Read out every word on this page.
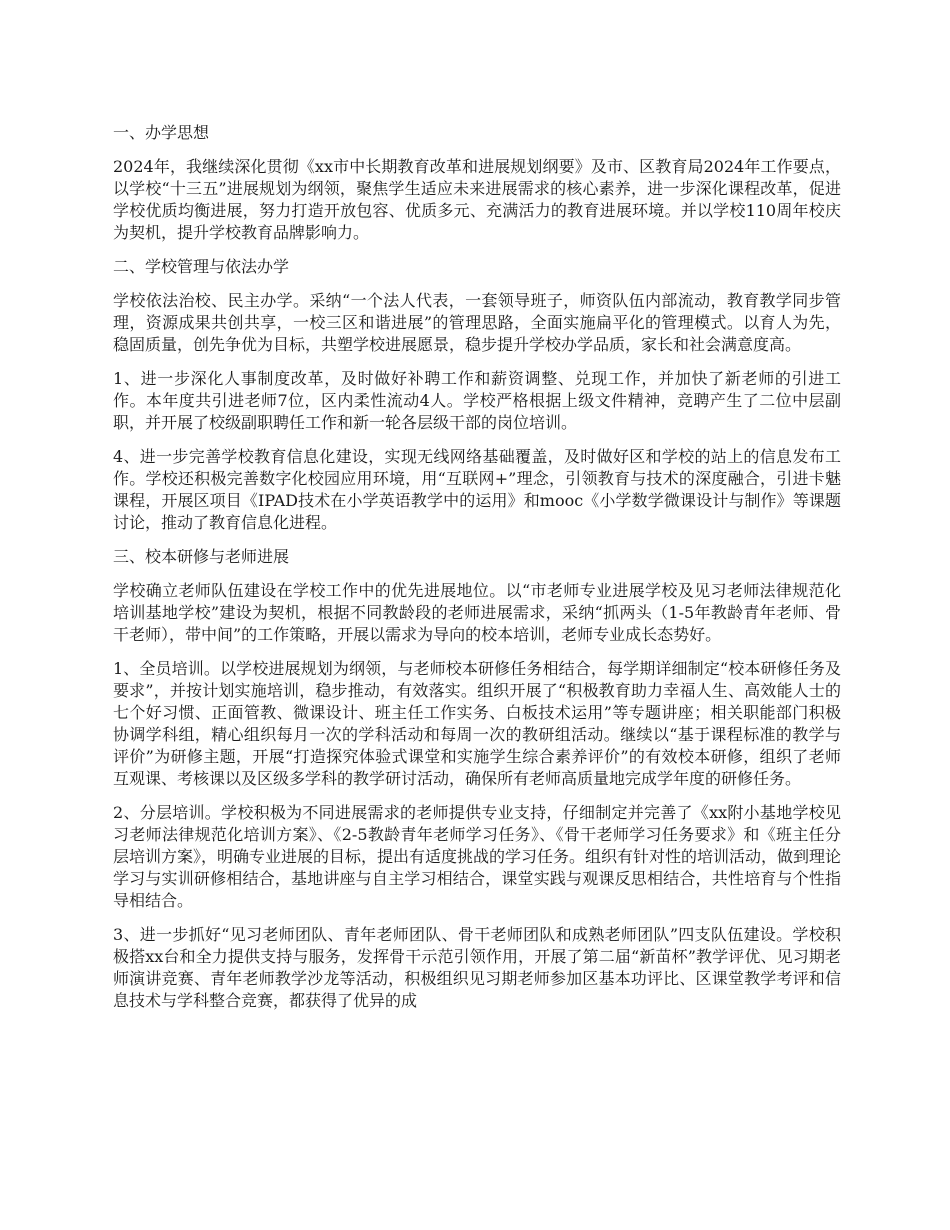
一、办学思想

2024年，我继续深化贯彻《xx市中长期教育改革和进展规划纲要》及市、区教育局2024年工作要点，以学校“十三五”进展规划为纲领，聚焦学生适应未来进展需求的核心素养，进一步深化课程改革，促进学校优质均衡进展，努力打造开放包容、优质多元、充满活力的教育进展环境。并以学校110周年校庆为契机，提升学校教育品牌影响力。

二、学校管理与依法办学

学校依法治校、民主办学。采纳“一个法人代表，一套领导班子，师资队伍内部流动，教育教学同步管理，资源成果共创共享，一校三区和谐进展”的管理思路，全面实施扁平化的管理模式。以育人为先，稳固质量，创先争优为目标，共塑学校进展愿景，稳步提升学校办学品质，家长和社会满意度高。

1、进一步深化人事制度改革，及时做好补聘工作和薪资调整、兑现工作，并加快了新老师的引进工作。本年度共引进老师7位，区内柔性流动4人。学校严格根据上级文件精神，竞聘产生了二位中层副职，并开展了校级副职聘任工作和新一轮各层级干部的岗位培训。

4、进一步完善学校教育信息化建设，实现无线网络基础覆盖，及时做好区和学校的站上的信息发布工作。学校还积极完善数字化校园应用环境，用“互联网+”理念，引领教育与技术的深度融合，引进卡魅课程，开展区项目《IPAD技术在小学英语教学中的运用》和mooc《小学数学微课设计与制作》等课题讨论，推动了教育信息化进程。

三、校本研修与老师进展

学校确立老师队伍建设在学校工作中的优先进展地位。以“市老师专业进展学校及见习老师法律规范化培训基地学校”建设为契机，根据不同教龄段的老师进展需求，采纳“抓两头（1-5年教龄青年老师、骨干老师），带中间”的工作策略，开展以需求为导向的校本培训，老师专业成长态势好。

1、全员培训。以学校进展规划为纲领，与老师校本研修任务相结合，每学期详细制定“校本研修任务及要求”，并按计划实施培训，稳步推动，有效落实。组织开展了“积极教育助力幸福人生、高效能人士的七个好习惯、正面管教、微课设计、班主任工作实务、白板技术运用”等专题讲座；相关职能部门积极协调学科组，精心组织每月一次的学科活动和每周一次的教研组活动。继续以“基于课程标准的教学与评价”为研修主题，开展“打造探究体验式课堂和实施学生综合素养评价”的有效校本研修，组织了老师互观课、考核课以及区级多学科的教学研讨活动，确保所有老师高质量地完成学年度的研修任务。

2、分层培训。学校积极为不同进展需求的老师提供专业支持，仔细制定并完善了《xx附小基地学校见习老师法律规范化培训方案》、《2-5教龄青年老师学习任务》、《骨干老师学习任务要求》和《班主任分层培训方案》，明确专业进展的目标，提出有适度挑战的学习任务。组织有针对性的培训活动，做到理论学习与实训研修相结合，基地讲座与自主学习相结合，课堂实践与观课反思相结合，共性培育与个性指导相结合。

3、进一步抓好“见习老师团队、青年老师团队、骨干老师团队和成熟老师团队”四支队伍建设。学校积极搭xx台和全力提供支持与服务，发挥骨干示范引领作用，开展了第二届“新苗杯”教学评优、见习期老师演讲竞赛、青年老师教学沙龙等活动，积极组织见习期老师参加区基本功评比、区课堂教学考评和信息技术与学科整合竞赛，都获得了优异的成
